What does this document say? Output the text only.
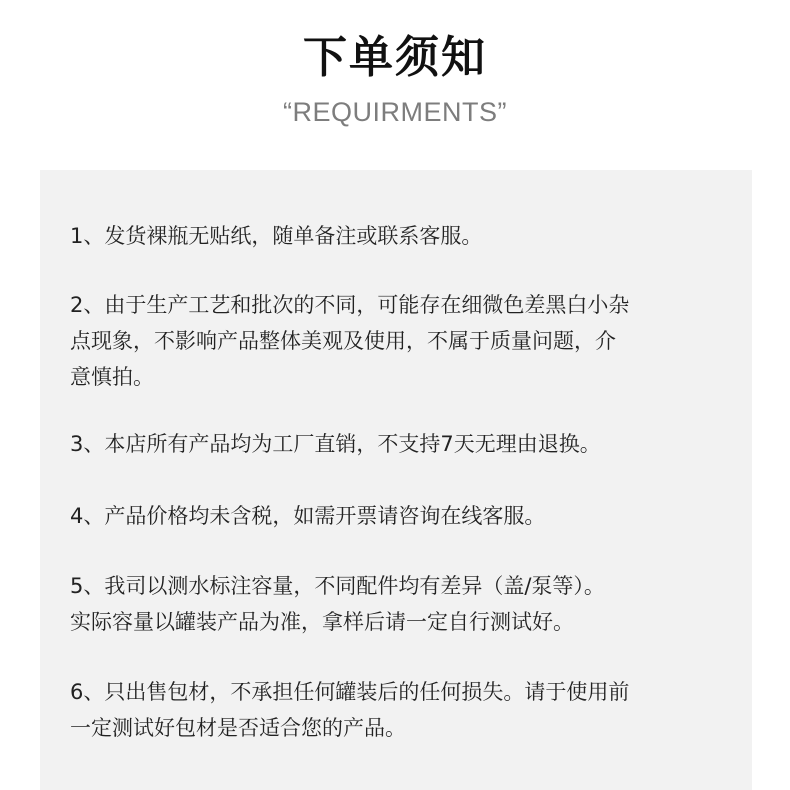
下单须知
“REQUIRMENTS”
1、发货裸瓶无贴纸，随单备注或联系客服。
2、由于生产工艺和批次的不同，可能存在细微色差黑白小杂
点现象，不影响产品整体美观及使用，不属于质量问题，介
意慎拍。
3、本店所有产品均为工厂直销，不支持7天无理由退换。
4、产品价格均未含税，如需开票请咨询在线客服。
5、我司以测水标注容量，不同配件均有差异（盖/泵等）。
实际容量以罐装产品为准，拿样后请一定自行测试好。
6、只出售包材，不承担任何罐装后的任何损失。请于使用前
一定测试好包材是否适合您的产品。
